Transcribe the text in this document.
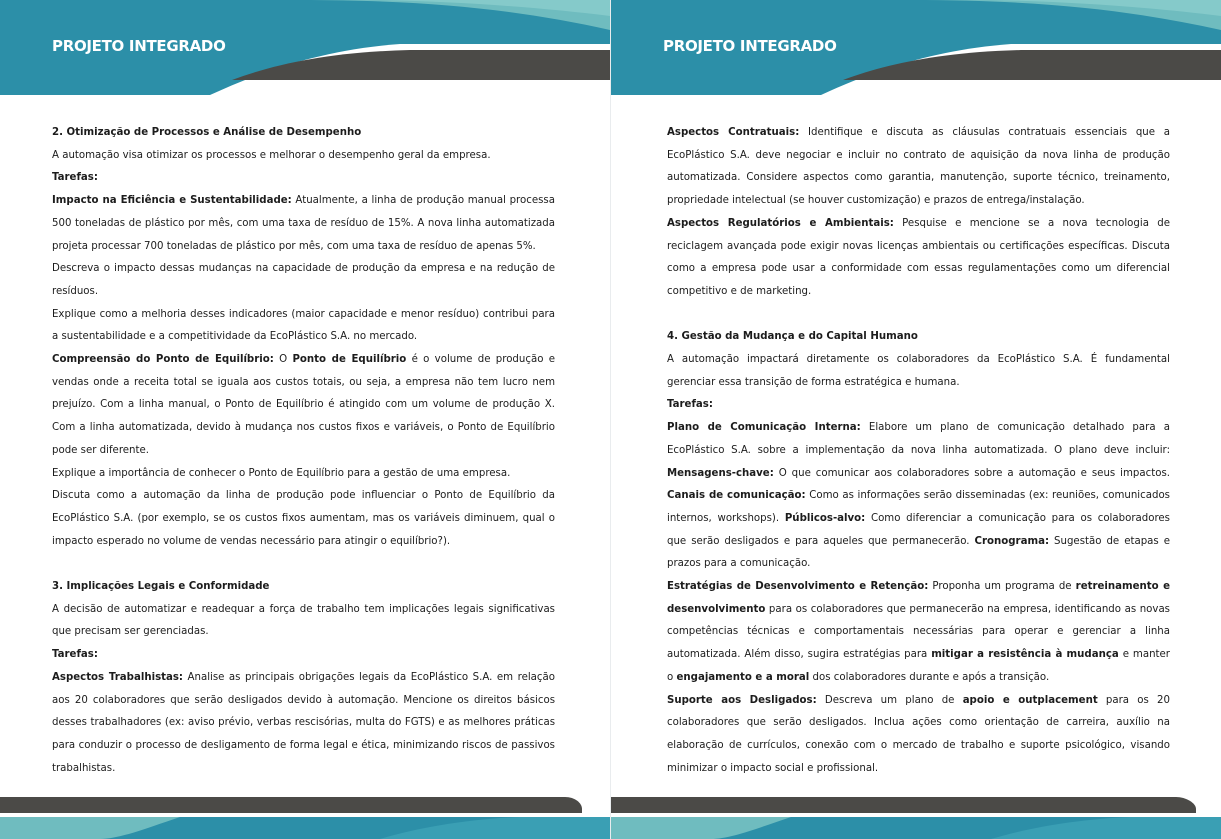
PROJETO INTEGRADO

2. Otimização de Processos e Análise de Desempenho

A automação visa otimizar os processos e melhorar o desempenho geral da empresa.

Tarefas:

Impacto na Eficiência e Sustentabilidade: Atualmente, a linha de produção manual processa 500 toneladas de plástico por mês, com uma taxa de resíduo de 15%. A nova linha automatizada projeta processar 700 toneladas de plástico por mês, com uma taxa de resíduo de apenas 5%.

Descreva o impacto dessas mudanças na capacidade de produção da empresa e na redução de resíduos.

Explique como a melhoria desses indicadores (maior capacidade e menor resíduo) contribui para a sustentabilidade e a competitividade da EcoPlástico S.A. no mercado.

Compreensão do Ponto de Equilíbrio: O Ponto de Equilíbrio é o volume de produção e vendas onde a receita total se iguala aos custos totais, ou seja, a empresa não tem lucro nem prejuízo. Com a linha manual, o Ponto de Equilíbrio é atingido com um volume de produção X. Com a linha automatizada, devido à mudança nos custos fixos e variáveis, o Ponto de Equilíbrio pode ser diferente.

Explique a importância de conhecer o Ponto de Equilíbrio para a gestão de uma empresa.

Discuta como a automação da linha de produção pode influenciar o Ponto de Equilíbrio da EcoPlástico S.A. (por exemplo, se os custos fixos aumentam, mas os variáveis diminuem, qual o impacto esperado no volume de vendas necessário para atingir o equilíbrio?).

3. Implicações Legais e Conformidade

A decisão de automatizar e readequar a força de trabalho tem implicações legais significativas que precisam ser gerenciadas.

Tarefas:

Aspectos Trabalhistas: Analise as principais obrigações legais da EcoPlástico S.A. em relação aos 20 colaboradores que serão desligados devido à automação. Mencione os direitos básicos desses trabalhadores (ex: aviso prévio, verbas rescisórias, multa do FGTS) e as melhores práticas para conduzir o processo de desligamento de forma legal e ética, minimizando riscos de passivos trabalhistas.

PROJETO INTEGRADO

Aspectos Contratuais: Identifique e discuta as cláusulas contratuais essenciais que a EcoPlástico S.A. deve negociar e incluir no contrato de aquisição da nova linha de produção automatizada. Considere aspectos como garantia, manutenção, suporte técnico, treinamento, propriedade intelectual (se houver customização) e prazos de entrega/instalação.

Aspectos Regulatórios e Ambientais: Pesquise e mencione se a nova tecnologia de reciclagem avançada pode exigir novas licenças ambientais ou certificações específicas. Discuta como a empresa pode usar a conformidade com essas regulamentações como um diferencial competitivo e de marketing.

4. Gestão da Mudança e do Capital Humano

A automação impactará diretamente os colaboradores da EcoPlástico S.A. É fundamental gerenciar essa transição de forma estratégica e humana.

Tarefas:

Plano de Comunicação Interna: Elabore um plano de comunicação detalhado para a EcoPlástico S.A. sobre a implementação da nova linha automatizada. O plano deve incluir: Mensagens-chave: O que comunicar aos colaboradores sobre a automação e seus impactos. Canais de comunicação: Como as informações serão disseminadas (ex: reuniões, comunicados internos, workshops). Públicos-alvo: Como diferenciar a comunicação para os colaboradores que serão desligados e para aqueles que permanecerão. Cronograma: Sugestão de etapas e prazos para a comunicação.

Estratégias de Desenvolvimento e Retenção: Proponha um programa de retreinamento e desenvolvimento para os colaboradores que permanecerão na empresa, identificando as novas competências técnicas e comportamentais necessárias para operar e gerenciar a linha automatizada. Além disso, sugira estratégias para mitigar a resistência à mudança e manter o engajamento e a moral dos colaboradores durante e após a transição.

Suporte aos Desligados: Descreva um plano de apoio e outplacement para os 20 colaboradores que serão desligados. Inclua ações como orientação de carreira, auxílio na elaboração de currículos, conexão com o mercado de trabalho e suporte psicológico, visando minimizar o impacto social e profissional.
